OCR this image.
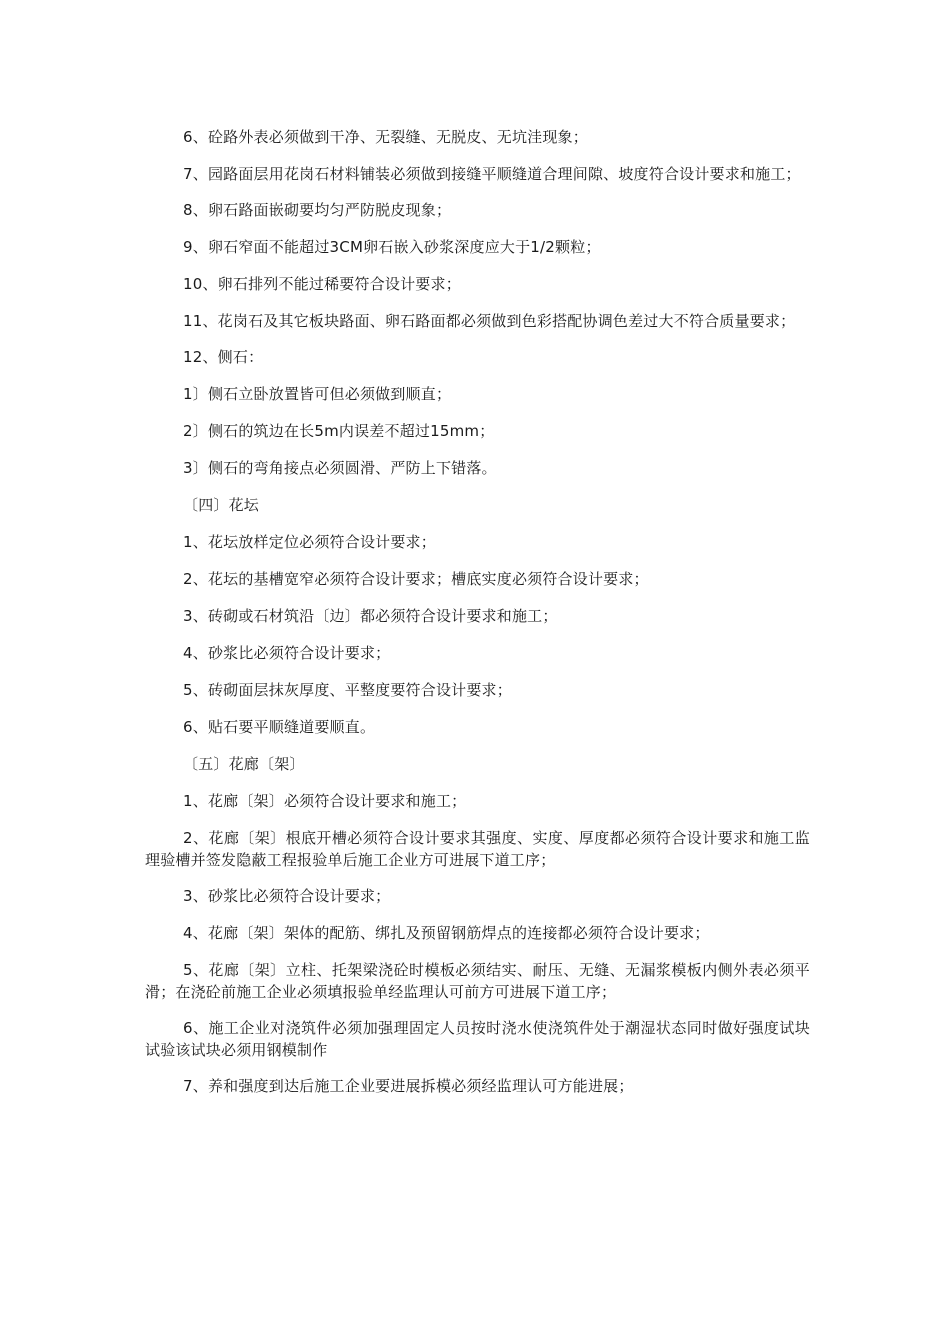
6、砼路外表必须做到干净、无裂缝、无脱皮、无坑洼现象；

7、园路面层用花岗石材料铺装必须做到接缝平顺缝道合理间隙、坡度符合设计要求和施工；

8、卵石路面嵌砌要均匀严防脱皮现象；

9、卵石窄面不能超过3CM卵石嵌入砂浆深度应大于1/2颗粒；

10、卵石排列不能过稀要符合设计要求；

11、花岗石及其它板块路面、卵石路面都必须做到色彩搭配协调色差过大不符合质量要求；

12、侧石：

1〕侧石立卧放置皆可但必须做到顺直；

2〕侧石的筑边在长5m内误差不超过15mm；

3〕侧石的弯角接点必须圆滑、严防上下错落。

〔四〕花坛

1、花坛放样定位必须符合设计要求；

2、花坛的基槽宽窄必须符合设计要求；槽底实度必须符合设计要求；

3、砖砌或石材筑沿〔边〕都必须符合设计要求和施工；

4、砂浆比必须符合设计要求；

5、砖砌面层抹灰厚度、平整度要符合设计要求；

6、贴石要平顺缝道要顺直。

〔五〕花廊〔架〕

1、花廊〔架〕必须符合设计要求和施工；

2、花廊〔架〕根底开槽必须符合设计要求其强度、实度、厚度都必须符合设计要求和施工监理验槽并签发隐蔽工程报验单后施工企业方可进展下道工序；

3、砂浆比必须符合设计要求；

4、花廊〔架〕架体的配筋、绑扎及预留钢筋焊点的连接都必须符合设计要求；

5、花廊〔架〕立柱、托架梁浇砼时模板必须结实、耐压、无缝、无漏浆模板内侧外表必须平滑；在浇砼前施工企业必须填报验单经监理认可前方可进展下道工序；

6、施工企业对浇筑件必须加强理固定人员按时浇水使浇筑件处于潮湿状态同时做好强度试块试验该试块必须用钢模制作

7、养和强度到达后施工企业要进展拆模必须经监理认可方能进展；
